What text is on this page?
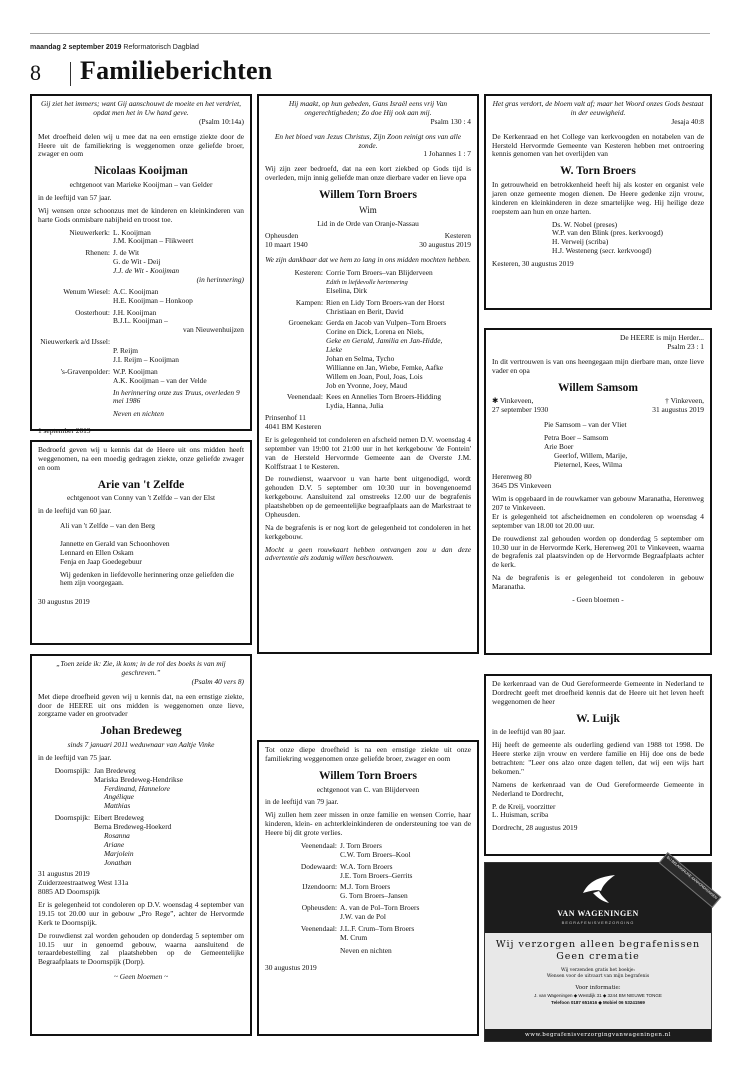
maandag 2 september 2019 Reformatorisch Dagblad
8 Familieberichten
Gij ziet het immers; want Gij aanschouwt de moeite en het verdriet, opdat men het in Uw hand geve.
(Psalm 10:14a)

Met droefheid delen wij u mee dat na een ernstige ziekte door de Heere uit de familiekring is weggenomen onze geliefde broer, zwager en oom

Nicolaas Kooijman

echtgenoot van Marieke Kooijman – van Gelder

in de leeftijd van 57 jaar.

Wij wensen onze schoonzus met de kinderen en kleinkinderen van harte Gods onmisbare nabijheid en troost toe.

Nieuwerkerk: L. Kooijman
J.M. Kooijman – Flikweert
Rhenen: J. de Wit
G. de Wit - Deij
J.J. de Wit - Kooijman

(in herinnering)
Wenum Wiesel: A.C. Kooijman
H.E. Kooijman – Honkoop
Oosterhout: J.H. Kooijman
B.J.L. Kooijman –

van Nieuwenhuijzen
Nieuwerkerk a/d IJssel:

P. Reijm
J.I. Reijm – Kooijman
's-Gravenpolder: W.P. Kooijman
A.K. Kooijman – van der Velde

In herinnering onze zus Truus, overleden 9 mei 1986

Neven en nichten

1 september 2019

Bedroefd geven wij u kennis dat de Heere uit ons midden heeft weggenomen, na een moedig gedragen ziekte, onze geliefde zwager en oom

Arie van 't Zelfde

echtgenoot van Conny van 't Zelfde – van der Elst

in de leeftijd van 60 jaar.

Ali van 't Zelfde – van den Berg

Jannette en Gerald van Schoonhoven
Lennard en Ellen Oskam
Fenja en Jaap Goedegebuur

Wij gedenken in liefdevolle herinnering onze geliefden die hem zijn voorgegaan.

30 augustus 2019

„Toen zeide ik: Zie, ik kom; in de rol des boeks is van mij geschreven.”
(Psalm 40 vers 8)

Met diepe droefheid geven wij u kennis dat, na een ernstige ziekte, door de HEERE uit ons midden is weggenomen onze lieve, zorgzame vader en grootvader

Johan Bredeweg

sinds 7 januari 2011 weduwnaar van Aaltje Vinke

in de leeftijd van 75 jaar.

Doornspijk: Jan Bredeweg
Mariska Bredeweg-Hendrikse
Ferdinand, Hannelore
Angélique
Matthias
Doornspijk: Eibert Bredeweg
Berna Bredeweg-Hoekerd
Rosanna
Ariane
Marjolein
Jonathan

31 augustus 2019
Zuiderzeestraatweg West 131a
8085 AD Doornspijk

Er is gelegenheid tot condoleren op D.V. woensdag 4 september van 19.15 tot 20.00 uur in gebouw „Pro Rege”, achter de Hervormde Kerk te Doornspijk.

De rouwdienst zal worden gehouden op donderdag 5 september om 10.15 uur in genoemd gebouw, waarna aansluitend de teraardebestelling zal plaatshebben op de Gemeentelijke Begraafplaats te Doornspijk (Dorp).

~ Geen bloemen ~

Hij maakt, op hun gebeden, Gans Israël eens vrij Van ongerechtigheden; Zo doe Hij ook aan mij.
Psalm 130 : 4
En het bloed van Jezus Christus, Zijn Zoon reinigt ons van alle zonde.
1 Johannes 1 : 7

Wij zijn zeer bedroefd, dat na een kort ziekbed op Gods tijd is overleden, mijn innig geliefde man onze dierbare vader en lieve opa

Willem Torn Broers

Wim

Lid in de Orde van Oranje-Nassau

Opheusden
10 maart 1940
Kesteren
30 augustus 2019

We zijn dankbaar dat we hem zo lang in ons midden mochten hebben.

Kesteren: Corrie Torn Broers–van Blijderveen
Edith in liefdevolle herinnering
Elselina, Dirk
Kampen: Rien en Lidy Torn Broers-van der Horst
Christiaan en Berit, David
Groenekan: Gerda en Jacob van Vulpen–Torn Broers
Corine en Dick, Lorena en Niels,
Geke en Gerald, Jamilia en Jan-Hidde,
Lieke
Johan en Selma, Tycho
Willianne en Jan, Wiebe, Femke, Aafke
Willem en Joan, Poul, Joas, Lois
Job en Yvonne, Joey, Maud
Veenendaal: Kees en Annelies Torn Broers-Hidding
Lydia, Hanna, Julia

Prinsenhof 11
4041 BM Kesteren

Er is gelegenheid tot condoleren en afscheid nemen D.V. woensdag 4 september van 19:00 tot 21:00 uur in het kerkgebouw 'de Fontein' van de Hersteld Hervormde Gemeente aan de Overste J.M. Kolffstraat 1 te Kesteren.

De rouwdienst, waarvoor u van harte bent uitgenodigd, wordt gehouden D.V. 5 september om 10:30 uur in bovengenoemd kerkgebouw. Aansluitend zal omstreeks 12.00 uur de begrafenis plaatshebben op de gemeentelijke begraafplaats aan de Markstraat te Opheusden.

Na de begrafenis is er nog kort de gelegenheid tot condoleren in het kerkgebouw.

Mocht u geen rouwkaart hebben ontvangen zou u dan deze advertentie als zodanig willen beschouwen.

Tot onze diepe droefheid is na een ernstige ziekte uit onze familiekring weggenomen onze geliefde broer, zwager en oom

Willem Torn Broers

echtgenoot van C. van Blijderveen

in de leeftijd van 79 jaar.

Wij zullen hem zeer missen in onze familie en wensen Corrie, haar kinderen, klein- en achterkleinkinderen de ondersteuning toe van de Heere bij dit grote verlies.

Veenendaal: J. Torn Broers
C.W. Torn Broers–Kool
Dodewaard: W.A. Torn Broers
J.E. Torn Broers–Gerrits
IJzendoorn: M.J. Torn Broers
G. Torn Broers–Jansen
Opheusden: A. van de Pol–Torn Broers
J.W. van de Pol
Veenendaal: J.L.F. Crum–Torn Broers
M. Crum

Neven en nichten

30 augustus 2019

Het gras verdort, de bloem valt af; maar het Woord onzes Gods bestaat in der eeuwigheid.
Jesaja 40:8

De Kerkenraad en het College van kerkvoogden en notabelen van de Hersteld Hervormde Gemeente van Kesteren hebben met ontroering kennis genomen van het overlijden van

W. Torn Broers

In getrouwheid en betrokkenheid heeft hij als koster en organist vele jaren onze gemeente mogen dienen. De Heere gedenke zijn vrouw, kinderen en kleinkinderen in deze smartelijke weg. Hij heilige deze roepstem aan hun en onze harten.

Ds. W. Nobel (preses)
W.P. van den Blink (pres. kerkvoogd)
H. Verweij (scriba)
H.J. Westeneng (secr. kerkvoogd)

Kesteren, 30 augustus 2019

De HEERE is mijn Herder...
Psalm 23 : 1

In dit vertrouwen is van ons heengegaan mijn dierbare man, onze lieve vader en opa

Willem Samsom
✱ Vinkeveen,
27 september 1930
† Vinkeveen,
31 augustus 2019

Pie Samsom – van der Vliet

Petra Boer – Samsom
Arie Boer
Geerlof, Willem, Marije,
Pieternel, Kees, Wilma

Herenweg 80
3645 DS Vinkeveen

Wim is opgebaard in de rouwkamer van gebouw Maranatha, Herenweg 207 te Vinkeveen.

Er is gelegenheid tot afscheidnemen en condoleren op woensdag 4 september van 18.00 tot 20.00 uur.

De rouwdienst zal gehouden worden op donderdag 5 september om 10.30 uur in de Hervormde Kerk, Herenweg 201 te Vinkeveen, waarna de begrafenis zal plaatsvinden op de Hervormde Begraafplaats achter de kerk.

Na de begrafenis is er gelegenheid tot condoleren in gebouw Maranatha.

- Geen bloemen -

De kerkenraad van de Oud Gereformeerde Gemeente in Nederland te Dordrecht geeft met droefheid kennis dat de Heere uit het leven heeft weggenomen de heer

W. Luijk

in de leeftijd van 80 jaar.

Hij heeft de gemeente als ouderling gediend van 1988 tot 1998. De Heere sterke zijn vrouw en verdere familie en Hij doe ons de bede betrachten: "Leer ons alzo onze dagen tellen, dat wij een wijs hart bekomen."

Namens de kerkenraad van de Oud Gereformeerde Gemeente in Nederland te Dordrecht,

P. de Kreij, voorzitter
L. Huisman, scriba

Dordrecht, 28 augustus 2019

VAN WAGENINGEN
BEGRAFENISVERZORGING
BIJ BELANGRIJKE AANKONDIGINGEN
Wij verzorgen alleen begrafenissen
Geen crematie
Wij verzenden gratis het boekje:
Wensen voor de uitvaart van mijn begrafenis
Voor informatie:
J. van Wageningen ◆ Westdijk 31 ◆ 3244 BM NIEUWE TONGE
Telefoon 0187 651616 ◆ Mobiel 06 53241569
www.begrafenisverzorgingvanwageningen.nl
